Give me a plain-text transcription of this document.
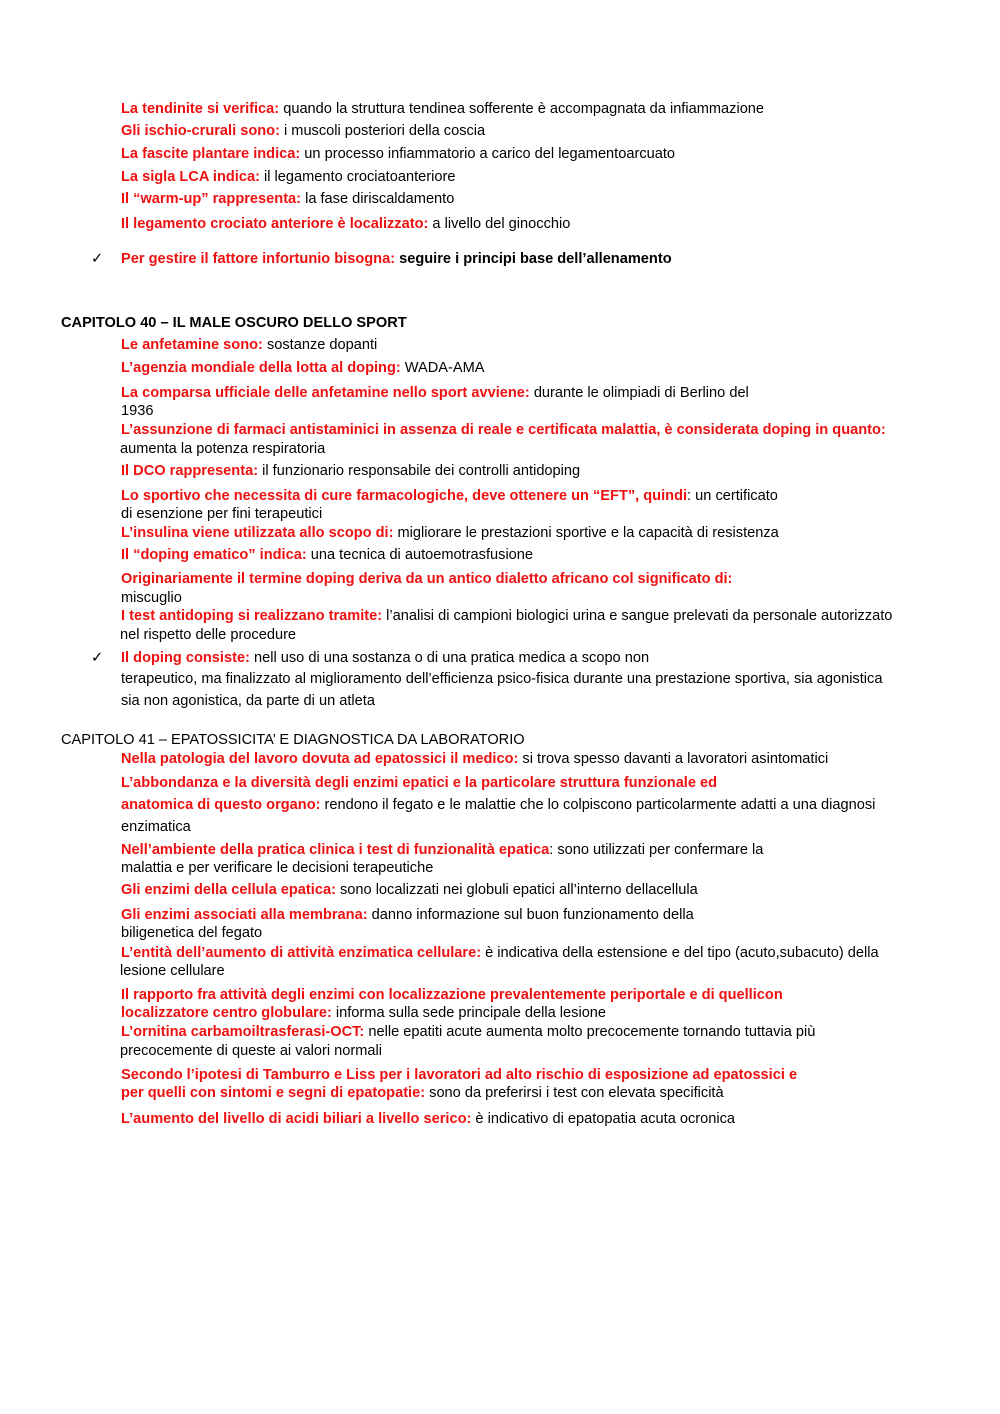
La tendinite si verifica: quando la struttura tendinea sofferente è accompagnata da infiammazione
Gli ischio-crurali sono: i muscoli posteriori della coscia
La fascite plantare indica: un processo infiammatorio a carico del legamentoarcuato
La sigla LCA indica: il legamento crociatoanteriore
Il “warm-up” rappresenta: la fase diriscaldamento
Il legamento crociato anteriore è localizzato: a livello del ginocchio
✓ Per gestire il fattore infortunio bisogna: seguire i principi base dell’allenamento
CAPITOLO 40 – IL MALE OSCURO DELLO SPORT
Le anfetamine sono: sostanze dopanti
L’agenzia mondiale della lotta al doping: WADA-AMA
La comparsa ufficiale delle anfetamine nello sport avviene: durante le olimpiadi di Berlino del
1936
L’assunzione di farmaci antistaminici in assenza di reale e certificata malattia, è considerata doping in quanto:
aumenta la potenza respiratoria
Il DCO rappresenta: il funzionario responsabile dei controlli antidoping
Lo sportivo che necessita di cure farmacologiche, deve ottenere un “EFT”, quindi: un certificato
di esenzione per fini terapeutici
L’insulina viene utilizzata allo scopo di: migliorare le prestazioni sportive e la capacità di resistenza
Il “doping ematico” indica: una tecnica di autoemotrasfusione
Originariamente il termine doping deriva da un antico dialetto africano col significato di:
miscuglio
I test antidoping si realizzano tramite: l’analisi di campioni biologici urina e sangue prelevati da personale autorizzato
nel rispetto delle procedure
✓ Il doping consiste: nell uso di una sostanza o di una pratica medica a scopo non
terapeutico, ma finalizzato al miglioramento dell’efficienza psico-fisica durante una prestazione sportiva, sia agonistica
sia non agonistica, da parte di un atleta
CAPITOLO 41 – EPATOSSICITA’ E DIAGNOSTICA DA LABORATORIO
Nella patologia del lavoro dovuta ad epatossici il medico: si trova spesso davanti a lavoratori asintomatici
L’abbondanza e la diversità degli enzimi epatici e la particolare struttura funzionale ed
anatomica di questo organo: rendono il fegato e le malattie che lo colpiscono particolarmente adatti a una diagnosi
enzimatica
Nell’ambiente della pratica clinica i test di funzionalità epatica: sono utilizzati per confermare la
malattia e per verificare le decisioni terapeutiche
Gli enzimi della cellula epatica: sono localizzati nei globuli epatici all’interno dellacellula
Gli enzimi associati alla membrana: danno informazione sul buon funzionamento della
biligenetica del fegato
L’entità dell’aumento di attività enzimatica cellulare: è indicativa della estensione e del tipo (acuto,subacuto) della
lesione cellulare
Il rapporto fra attività degli enzimi con localizzazione prevalentemente periportale e di quellicon
localizzatore centro globulare: informa sulla sede principale della lesione
L’ornitina carbamoiltrasferasi-OCT: nelle epatiti acute aumenta molto precocemente tornando tuttavia più
precocemente di queste ai valori normali
Secondo l’ipotesi di Tamburro e Liss per i lavoratori ad alto rischio di esposizione ad epatossici e
per quelli con sintomi e segni di epatopatie: sono da preferirsi i test con elevata specificità
L’aumento del livello di acidi biliari a livello serico: è indicativo di epatopatia acuta ocronica
